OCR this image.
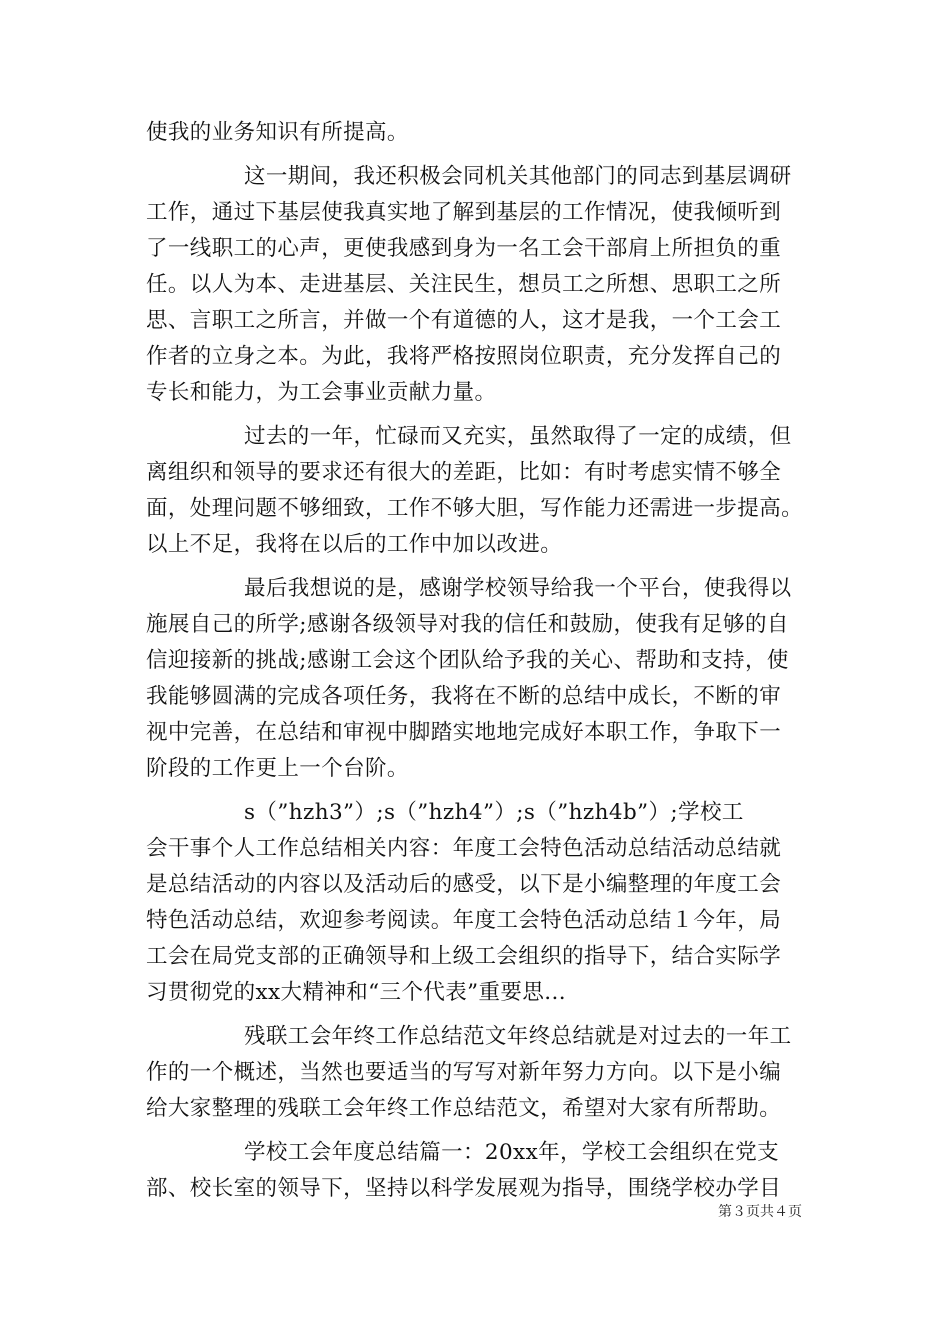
使我的业务知识有所提高。
这一期间，我还积极会同机关其他部门的同志到基层调研
工作，通过下基层使我真实地了解到基层的工作情况，使我倾听到
了一线职工的心声，更使我感到身为一名工会干部肩上所担负的重
任。以人为本、走进基层、关注民生，想员工之所想、思职工之所
思、言职工之所言，并做一个有道德的人，这才是我，一个工会工
作者的立身之本。为此，我将严格按照岗位职责，充分发挥自己的
专长和能力，为工会事业贡献力量。
过去的一年，忙碌而又充实，虽然取得了一定的成绩，但
离组织和领导的要求还有很大的差距，比如：有时考虑实情不够全
面，处理问题不够细致，工作不够大胆，写作能力还需进一步提高。
以上不足，我将在以后的工作中加以改进。
最后我想说的是，感谢学校领导给我一个平台，使我得以
施展自己的所学;感谢各级领导对我的信任和鼓励，使我有足够的自
信迎接新的挑战;感谢工会这个团队给予我的关心、帮助和支持，使
我能够圆满的完成各项任务，我将在不断的总结中成长，不断的审
视中完善，在总结和审视中脚踏实地地完成好本职工作，争取下一
阶段的工作更上一个台阶。
s（”hzh3”）;s（”hzh4”）;s（”hzh4b”）;学校工
会干事个人工作总结相关内容：年度工会特色活动总结活动总结就
是总结活动的内容以及活动后的感受，以下是小编整理的年度工会
特色活动总结，欢迎参考阅读。年度工会特色活动总结１今年，局
工会在局党支部的正确领导和上级工会组织的指导下，结合实际学
习贯彻党的xx大精神和“三个代表”重要思...
残联工会年终工作总结范文年终总结就是对过去的一年工
作的一个概述，当然也要适当的写写对新年努力方向。以下是小编
给大家整理的残联工会年终工作总结范文，希望对大家有所帮助。
学校工会年度总结篇一：20xx年，学校工会组织在党支
部、校长室的领导下，坚持以科学发展观为指导，围绕学校办学目
第３页共４页
